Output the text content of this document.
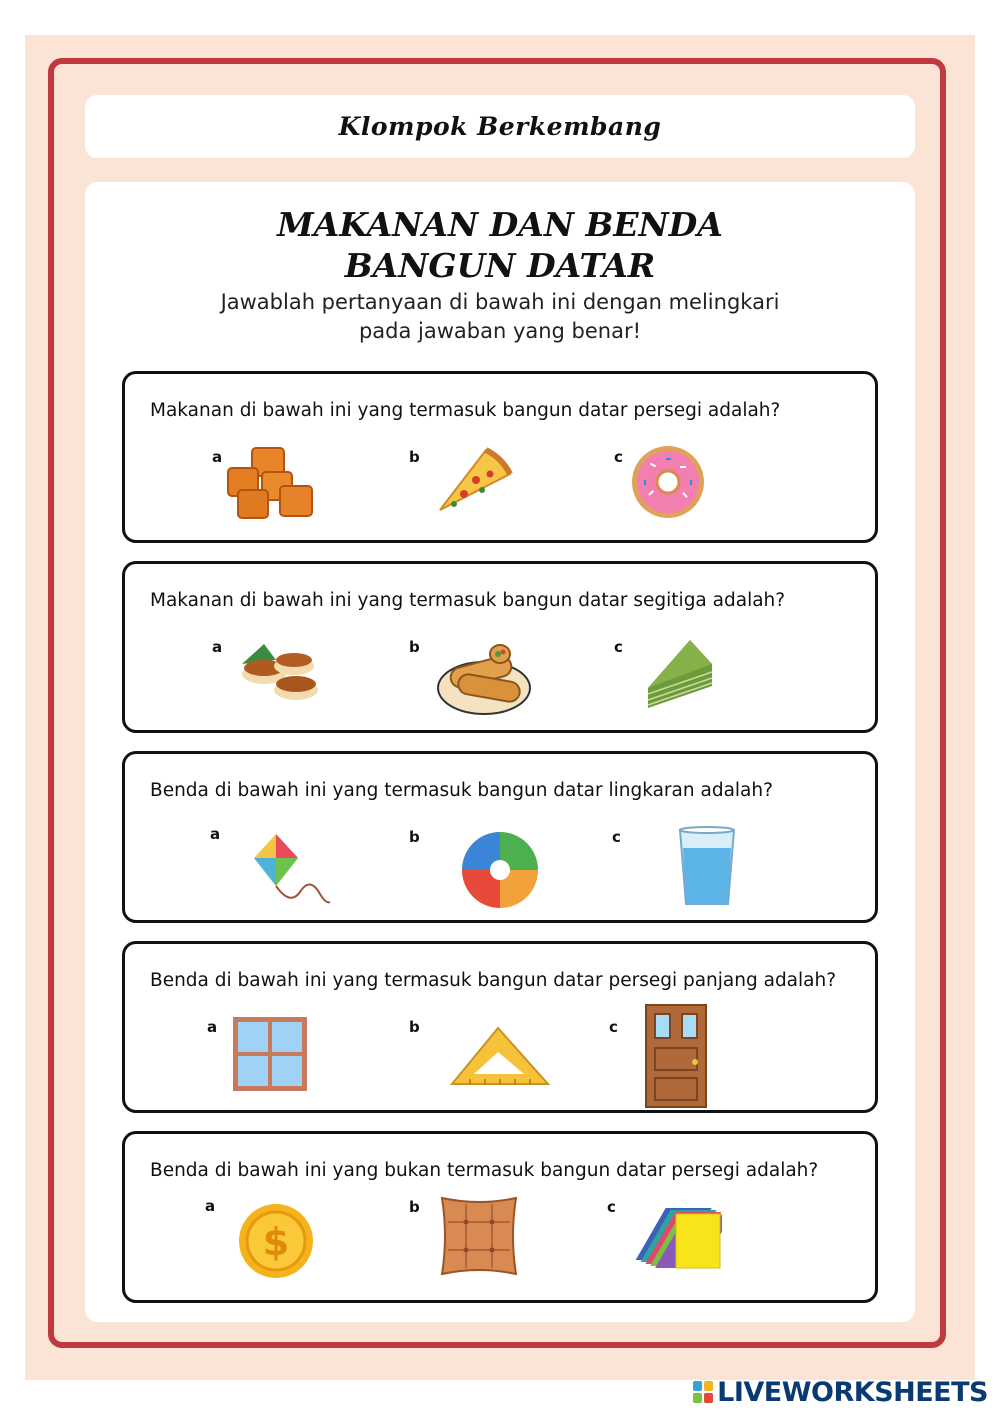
Klompok Berkembang
MAKANAN DAN BENDA
BANGUN DATAR
Jawablah pertanyaan di bawah ini dengan melingkari
pada jawaban yang benar!
Makanan di bawah ini yang termasuk bangun datar persegi adalah?
a	b	c
Makanan di bawah ini yang termasuk bangun datar segitiga adalah?
a	b	c
Benda di bawah ini yang termasuk bangun datar lingkaran adalah?
a	b	c
Benda di bawah ini yang termasuk bangun datar persegi panjang adalah?
a	b	c
Benda di bawah ini yang bukan termasuk bangun datar persegi adalah?
a
$
b	c
LIVEWORKSHEETS
